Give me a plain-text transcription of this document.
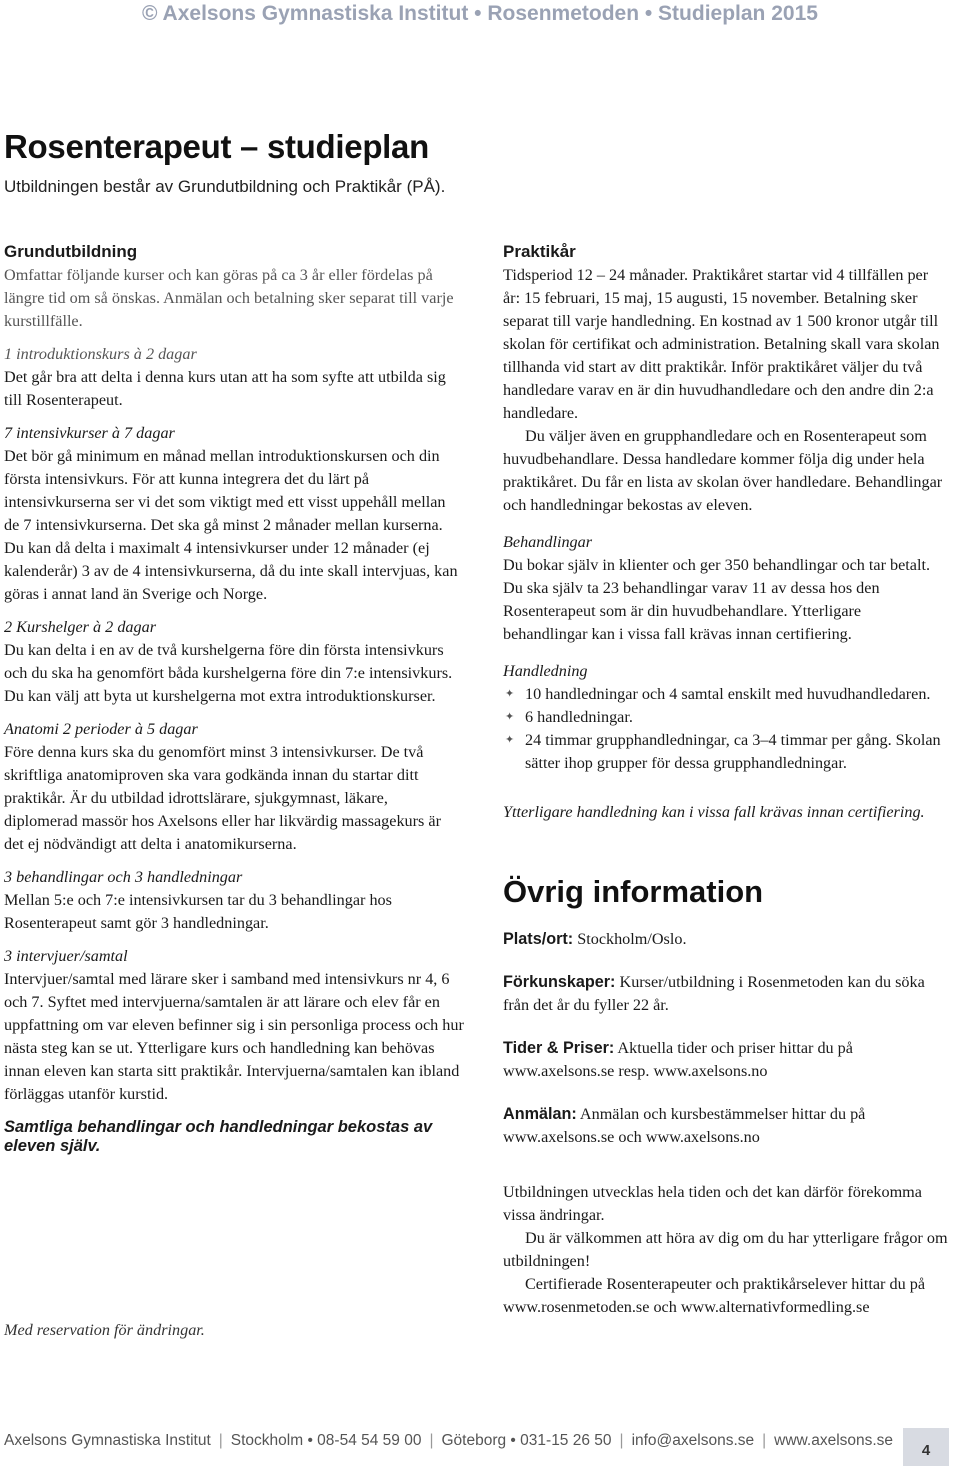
© Axelsons Gymnastiska Institut • Rosenmetoden • Studieplan 2015
Rosenterapeut – studieplan
Utbildningen består av Grundutbildning och Praktikår (PÅ).
Grundutbildning

Omfattar följande kurser och kan göras på ca 3 år eller fördelas på längre tid om så önskas. Anmälan och betalning sker separat till varje kurstillfälle.

1 introduktionskurs à 2 dagar

Det går bra att delta i denna kurs utan att ha som syfte att utbilda sig till Rosenterapeut.

7 intensivkurser à 7 dagar

Det bör gå minimum en månad mellan introduktionskursen och din första intensivkurs. För att kunna integrera det du lärt på intensivkurserna ser vi det som viktigt med ett visst uppehåll mellan de 7 intensivkurserna. Det ska gå minst 2 månader mellan kurserna. Du kan då delta i maximalt 4 intensivkurser under 12 månader (ej kalenderår) 3 av de 4 intensivkurserna, då du inte skall intervjuas, kan göras i annat land än Sverige och Norge.

2 Kurshelger à 2 dagar

Du kan delta i en av de två kurshelgerna före din första intensivkurs och du ska ha genomfört båda kurshelgerna före din 7:e intensivkurs. Du kan välj att byta ut kurshelgerna mot extra introduktionskurser.

Anatomi 2 perioder à 5 dagar

Före denna kurs ska du genomfört minst 3 intensivkurser. De två skriftliga anatomiproven ska vara godkända innan du startar ditt praktikår. Är du utbildad idrottslärare, sjukgymnast, läkare, diplomerad massör hos Axelsons eller har likvärdig massagekurs är det ej nödvändigt att delta i anatomikurserna.

3 behandlingar och 3 handledningar

Mellan 5:e och 7:e intensivkursen tar du 3 behandlingar hos Rosenterapeut samt gör 3 handledningar.

3 intervjuer/samtal

Intervjuer/samtal med lärare sker i samband med intensivkurs nr 4, 6 och 7. Syftet med intervjuerna/samtalen är att lärare och elev får en uppfattning om var eleven befinner sig i sin personliga process och hur nästa steg kan se ut. Ytterligare kurs och handledning kan behövas innan eleven kan starta sitt praktikår. Intervjuerna/samtalen kan ibland förläggas utanför kurstid.

Samtliga behandlingar och handledningar bekostas av eleven själv.

Med reservation för ändringar.
Praktikår

Tidsperiod 12 – 24 månader. Praktikåret startar vid 4 tillfällen per år: 15 februari, 15 maj, 15 augusti, 15 november. Betalning sker separat till varje handledning. En kostnad av 1 500 kronor utgår till skolan för certifikat och administration. Betalning skall vara skolan tillhanda vid start av ditt praktikår. Inför praktikåret väljer du två handledare varav en är din huvudhandledare och den andre din 2:a handledare.

Du väljer även en grupphandledare och en Rosenterapeut som huvudbehandlare. Dessa handledare kommer följa dig under hela praktikåret. Du får en lista av skolan över handledare. Behandlingar och handledningar bekostas av eleven.

Behandlingar

Du bokar själv in klienter och ger 350 behandlingar och tar betalt. Du ska själv ta 23 behandlingar varav 11 av dessa hos den Rosenterapeut som är din huvudbehandlare. Ytterligare behandlingar kan i vissa fall krävas innan certifiering.

Handledning

✦ 10 handledningar och 4 samtal enskilt med huvudhandledaren.
✦ 6 handledningar.
✦ 24 timmar grupphandledningar, ca 3–4 timmar per gång. Skolan sätter ihop grupper för dessa grupphandledningar.

Ytterligare handledning kan i vissa fall krävas innan certifiering.

Övrig information

Plats/ort: Stockholm/Oslo.

Förkunskaper: Kurser/utbildning i Rosenmetoden kan du söka från det år du fyller 22 år.

Tider & Priser: Aktuella tider och priser hittar du på www.axelsons.se resp. www.axelsons.no

Anmälan: Anmälan och kursbestämmelser hittar du på www.axelsons.se och www.axelsons.no

Utbildningen utvecklas hela tiden och det kan därför förekomma vissa ändringar.

Du är välkommen att höra av dig om du har ytterligare frågor om utbildningen!

Certifierade Rosenterapeuter och praktikårselever hittar du på www.rosenmetoden.se och www.alternativformedling.se

Axelsons Gymnastiska Institut | Stockholm • 08-54 54 59 00 | Göteborg • 031-15 26 50 | info@axelsons.se | www.axelsons.se
4
